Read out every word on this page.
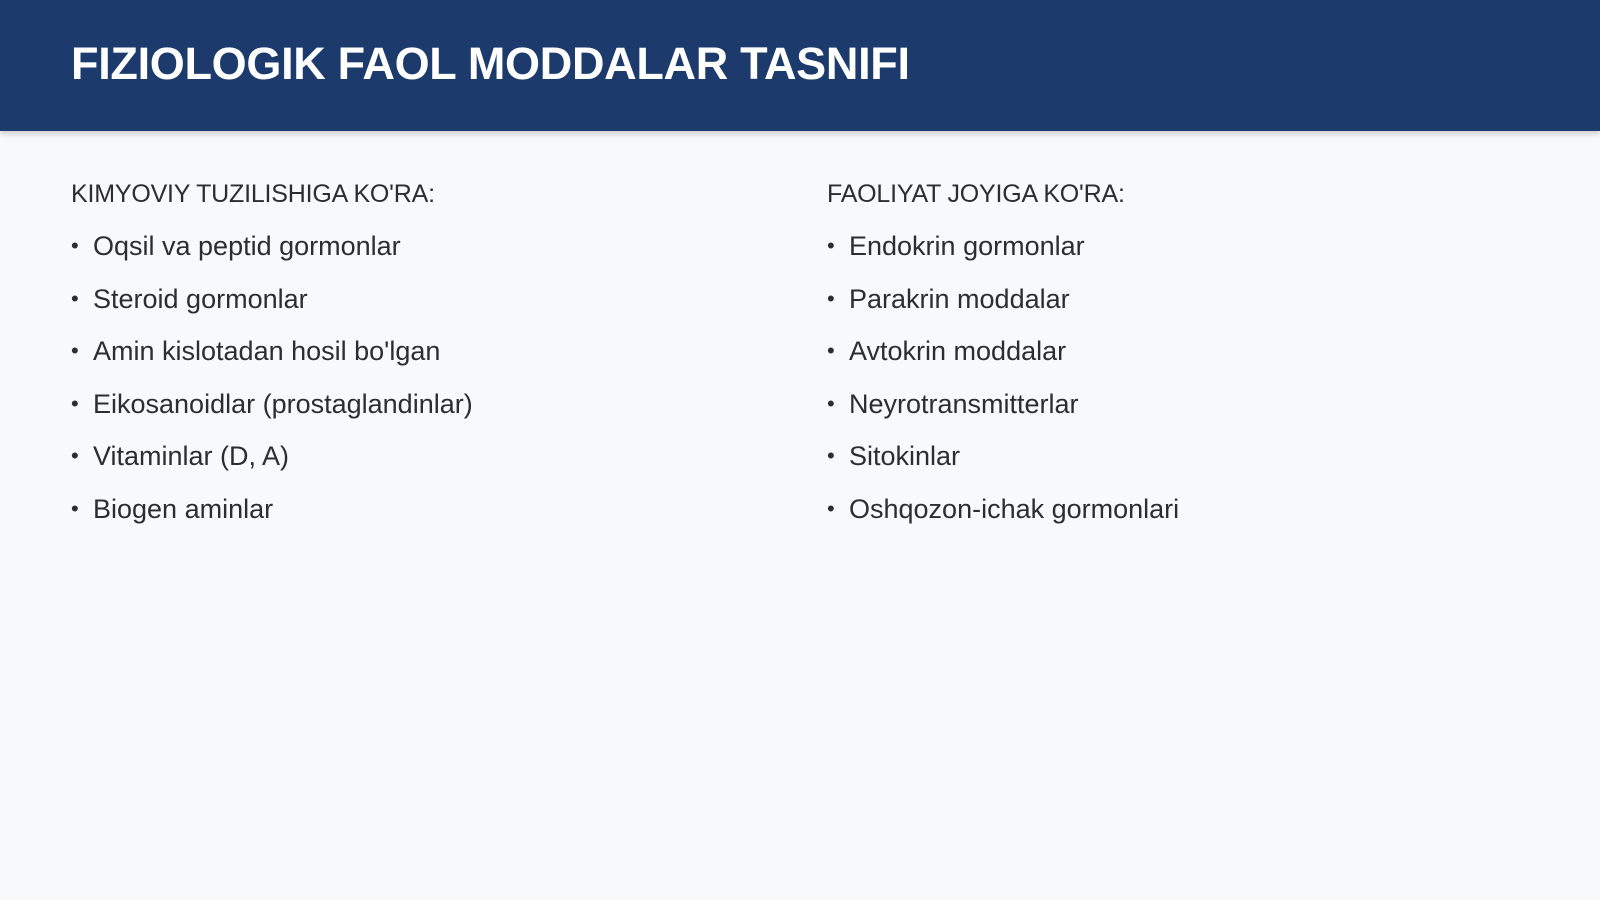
FIZIOLOGIK FAOL MODDALAR TASNIFI
KIMYOVIY TUZILISHIGA KO'RA:
• Oqsil va peptid gormonlar
• Steroid gormonlar
• Amin kislotadan hosil bo'lgan
• Eikosanoidlar (prostaglandinlar)
• Vitaminlar (D, A)
• Biogen aminlar
FAOLIYAT JOYIGA KO'RA:
• Endokrin gormonlar
• Parakrin moddalar
• Avtokrin moddalar
• Neyrotransmitterlar
• Sitokinlar
• Oshqozon-ichak gormonlari
